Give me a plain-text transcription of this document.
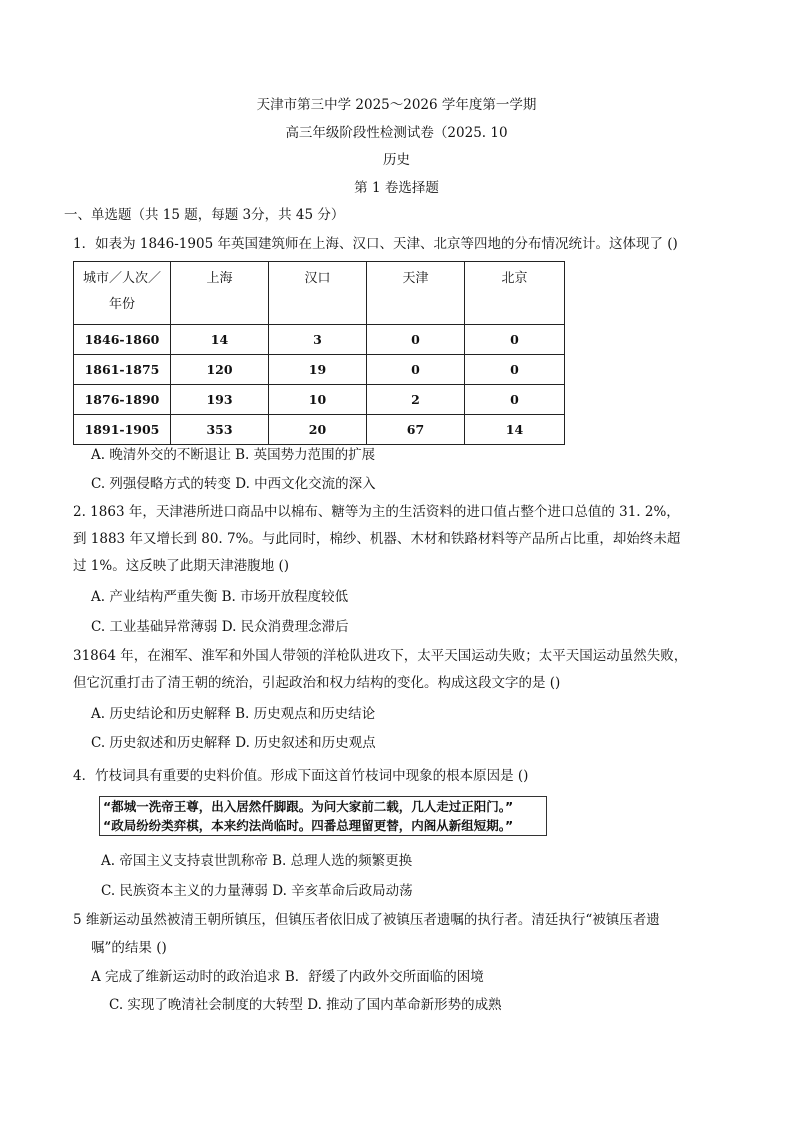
天津市第三中学 2025～2026 学年度第一学期
高三年级阶段性检测试卷（2025. 10
历史
第 1 卷选择题
一、单选题（共 15 题，每题 3分，共 45 分）
1．如表为 1846-1905 年英国建筑师在上海、汉口、天津、北京等四地的分布情况统计。这体现了 ()
城市／人次／
年份	上海	汉口	天津	北京

1846-1860	14	3	0	0
1861-1875	120	19	0	0
1876-1890	193	10	2	0
1891-1905	353	20	67	14
A. 晚清外交的不断退让 B. 英国势力范围的扩展
C. 列强侵略方式的转变 D. 中西文化交流的深入
2. 1863 年，天津港所进口商品中以棉布、糖等为主的生活资料的进口值占整个进口总值的 31. 2%，
到 1883 年又增长到 80. 7%。与此同时，棉纱、机器、木材和铁路材料等产品所占比重，却始终未超
过 1%。这反映了此期天津港腹地 ()
A. 产业结构严重失衡 B. 市场开放程度较低
C. 工业基础异常薄弱 D. 民众消费理念滞后
31864 年，在湘军、淮军和外国人带领的洋枪队进攻下，太平天国运动失败；太平天国运动虽然失败，
但它沉重打击了清王朝的统治，引起政治和权力结构的变化。构成这段文字的是 ()
A. 历史结论和历史解释 B. 历史观点和历史结论
C. 历史叙述和历史解释 D. 历史叙述和历史观点
4．竹枝词具有重要的史料价值。形成下面这首竹枝词中现象的根本原因是 ()
“都城一洗帝王尊，出入居然仟脚跟。为问大家前二载，几人走过正阳门。”
“政局纷纷类弈棋，本来约法尚临时。四番总理留更替，内阁从新组短期。”
A. 帝国主义支持袁世凯称帝 B. 总理人选的频繁更换
C. 民族资本主义的力量薄弱 D. 辛亥革命后政局动荡
5 维新运动虽然被清王朝所镇压，但镇压者依旧成了被镇压者遗嘱的执行者。清廷执行“被镇压者遗
嘱”的结果 ()
A 完成了维新运动时的政治追求 B．舒缓了内政外交所面临的困境
C. 实现了晚清社会制度的大转型 D. 推动了国内革命新形势的成熟
